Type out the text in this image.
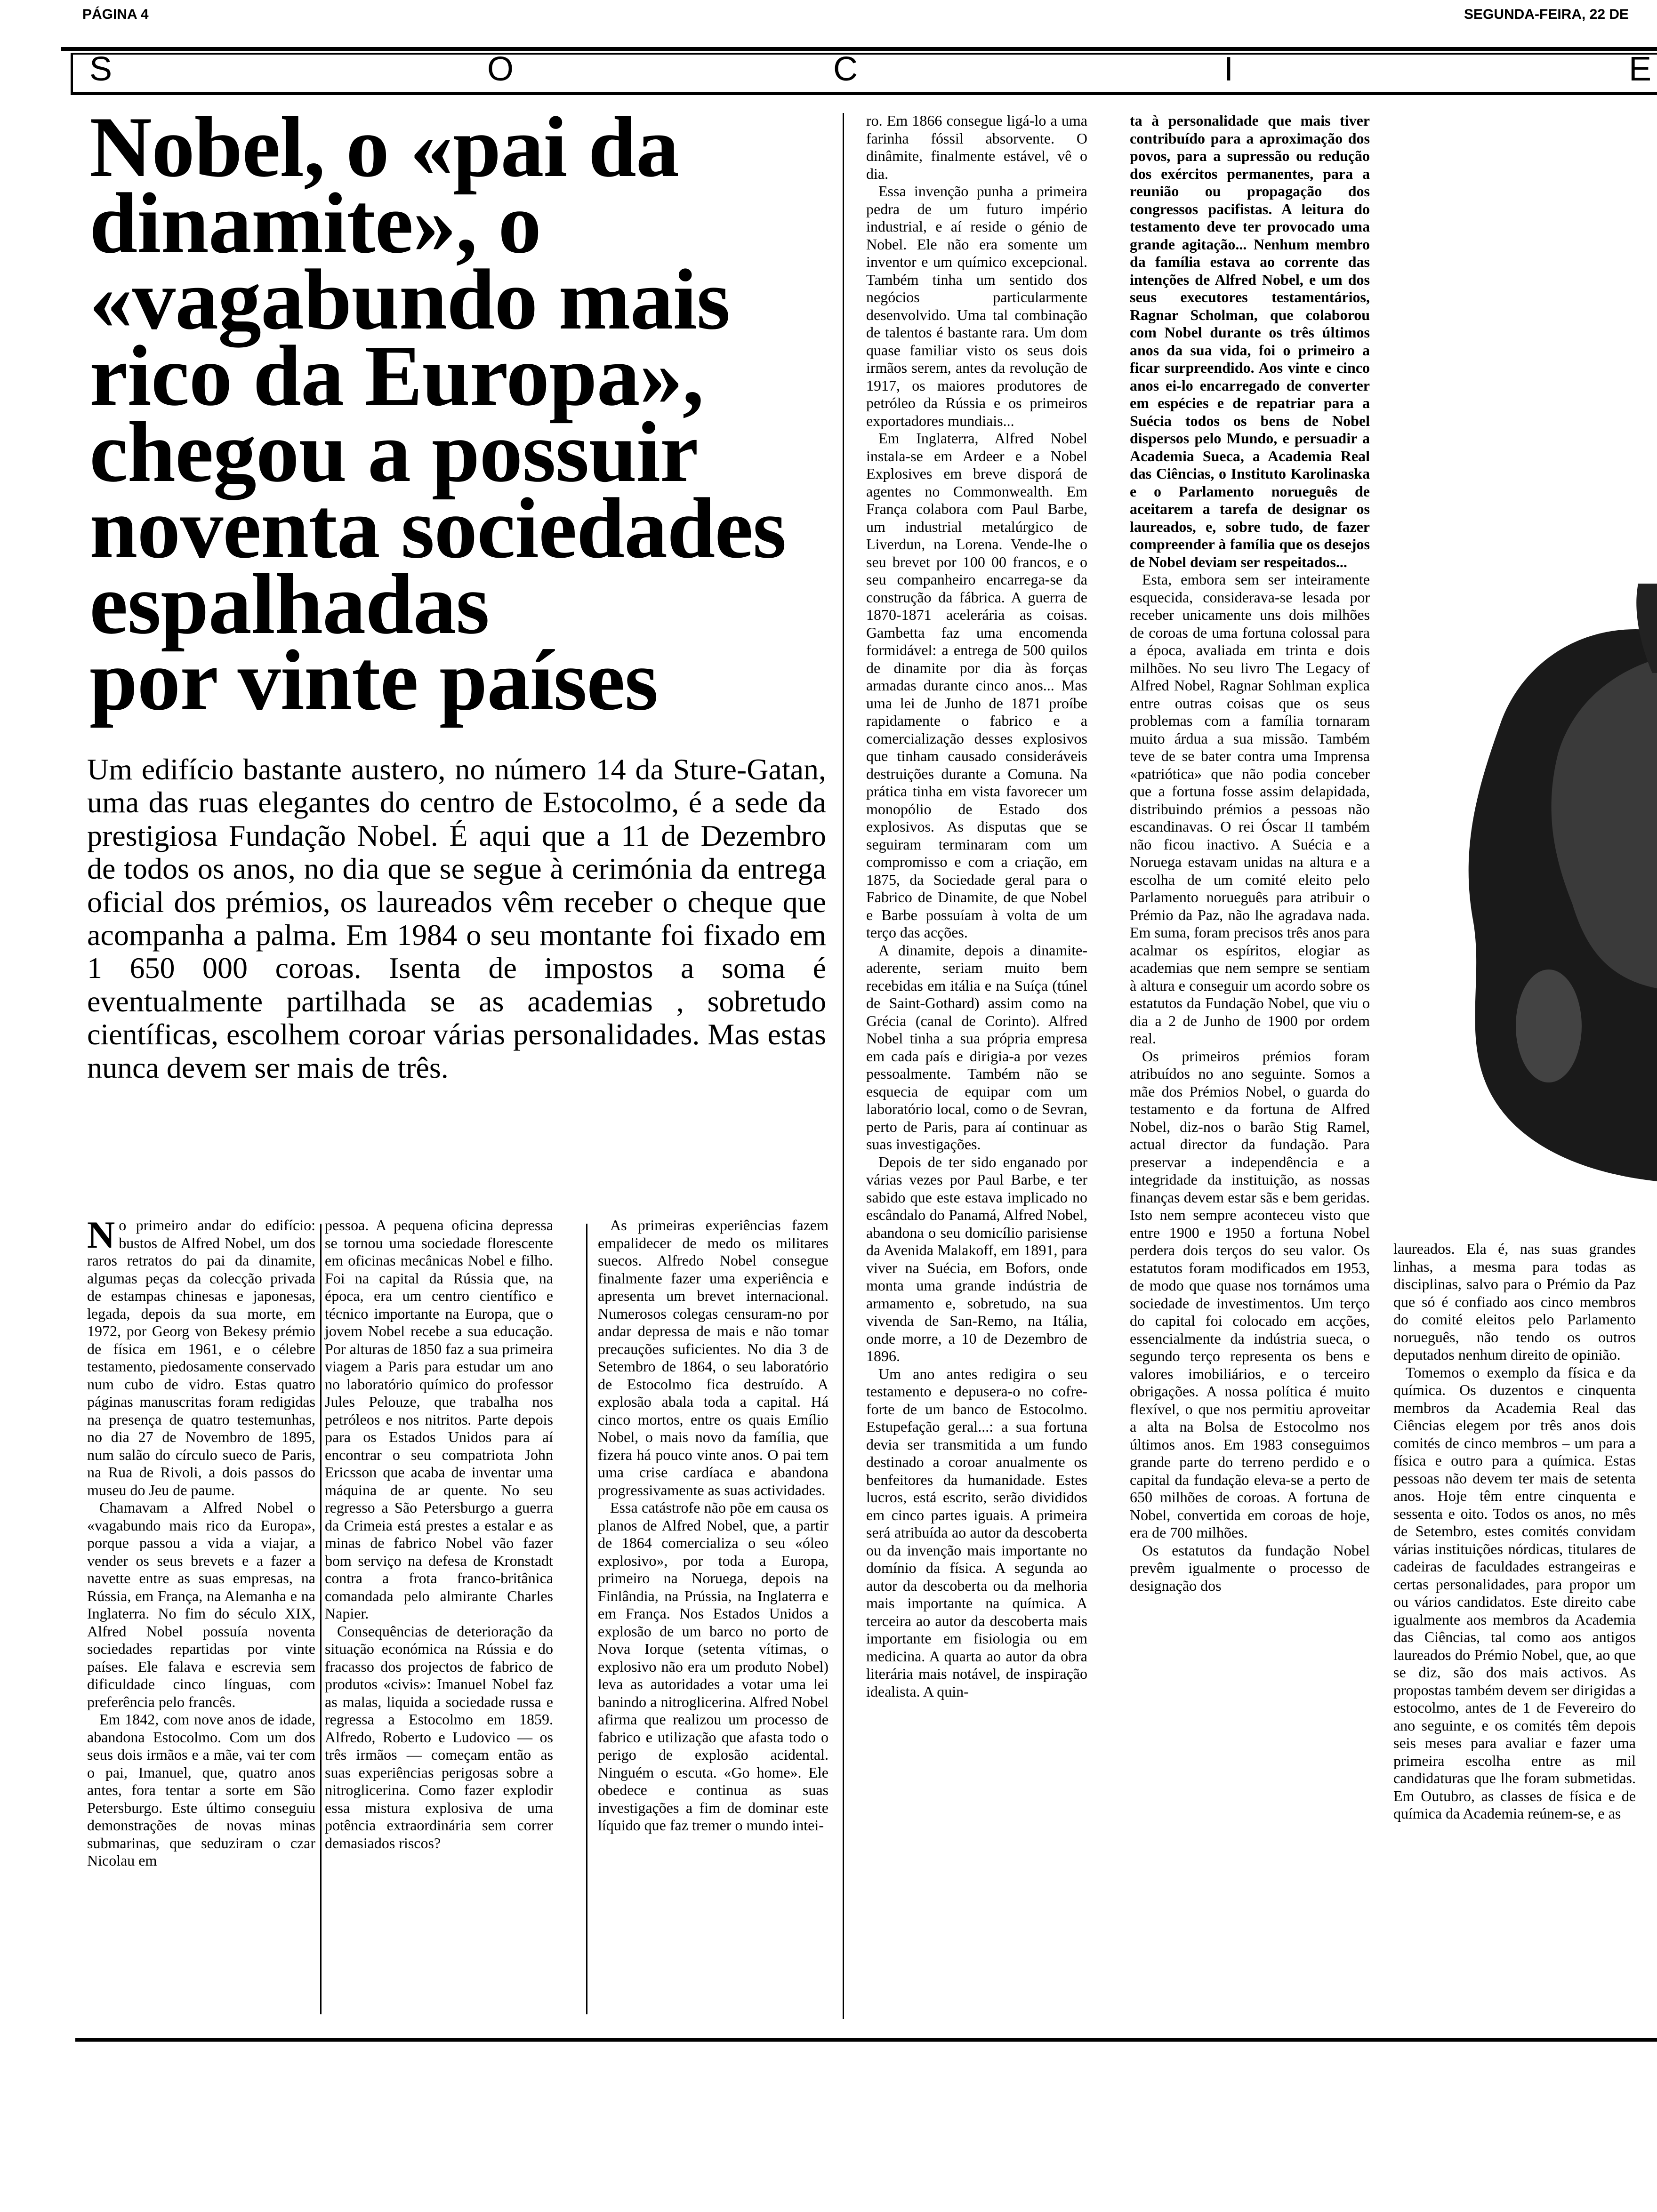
PÁGINA 4	SEGUNDA-FEIRA, 22 DE
S	O	C	I	E
Nobel, o «pai da
dinamite», o
«vagabundo mais
rico da Europa»,
chegou a possuir
noventa sociedades
espalhadas
por vinte países
Um edifício bastante austero, no número 14 da Sture-Gatan, uma das ruas elegantes do centro de Estocolmo, é a sede da prestigiosa Fundação Nobel. É aqui que a 11 de Dezembro de todos os anos, no dia que se segue à cerimónia da entrega oficial dos prémios, os laureados vêm receber o cheque que acompanha a palma. Em 1984 o seu montante foi fixado em 1 650 000 coroas. Isenta de impostos a soma é eventualmente partilhada se as academias , sobretudo científicas, escolhem coroar várias personalidades. Mas estas nunca devem ser mais de três.

No primeiro andar do edifício: bustos de Alfred Nobel, um dos raros retratos do pai da dinamite, algumas peças da colecção privada de estampas chinesas e japonesas, legada, depois da sua morte, em 1972, por Georg von Bekesy prémio de física em 1961, e o célebre testamento, piedosamente conservado num cubo de vidro. Estas quatro páginas manuscritas foram redigidas na presença de quatro testemunhas, no dia 27 de Novembro de 1895, num salão do círculo sueco de Paris, na Rua de Rivoli, a dois passos do museu do Jeu de paume.

Chamavam a Alfred Nobel o «vagabundo mais rico da Europa», porque passou a vida a viajar, a vender os seus brevets e a fazer a navette entre as suas empresas, na Rússia, em França, na Alemanha e na Inglaterra. No fim do século XIX, Alfred Nobel possuía noventa sociedades repartidas por vinte países. Ele falava e escrevia sem dificuldade cinco línguas, com preferência pelo francês.

Em 1842, com nove anos de idade, abandona Estocolmo. Com um dos seus dois irmãos e a mãe, vai ter com o pai, Imanuel, que, quatro anos antes, fora tentar a sorte em São Petersburgo. Este último conseguiu demonstrações de novas minas submarinas, que seduziram o czar Nicolau em

pessoa. A pequena oficina depressa se tornou uma sociedade florescente em oficinas mecânicas Nobel e filho. Foi na capital da Rússia que, na época, era um centro científico e técnico importante na Europa, que o jovem Nobel recebe a sua educação. Por alturas de 1850 faz a sua primeira viagem a Paris para estudar um ano no laboratório químico do professor Jules Pelouze, que trabalha nos petróleos e nos nitritos. Parte depois para os Estados Unidos para aí encontrar o seu compatriota John Ericsson que acaba de inventar uma máquina de ar quente. No seu regresso a São Petersburgo a guerra da Crimeia está prestes a estalar e as minas de fabrico Nobel vão fazer bom serviço na defesa de Kronstadt contra a frota franco-britânica comandada pelo almirante Charles Napier.

Consequências de deterioração da situação económica na Rússia e do fracasso dos projectos de fabrico de produtos «civis»: Imanuel Nobel faz as malas, liquida a sociedade russa e regressa a Estocolmo em 1859. Alfredo, Roberto e Ludovico — os três irmãos — começam então as suas experiências perigosas sobre a nitroglicerina. Como fazer explodir essa mistura explosiva de uma potência extraordinária sem correr demasiados riscos?

As primeiras experiências fazem empalidecer de medo os militares suecos. Alfredo Nobel consegue finalmente fazer uma experiência e apresenta um brevet internacional. Numerosos colegas censuram-no por andar depressa de mais e não tomar precauções suficientes. No dia 3 de Setembro de 1864, o seu laboratório de Estocolmo fica destruído. A explosão abala toda a capital. Há cinco mortos, entre os quais Emílio Nobel, o mais novo da família, que fizera há pouco vinte anos. O pai tem uma crise cardíaca e abandona progressivamente as suas actividades.

Essa catástrofe não põe em causa os planos de Alfred Nobel, que, a partir de 1864 comercializa o seu «óleo explosivo», por toda a Europa, primeiro na Noruega, depois na Finlândia, na Prússia, na Inglaterra e em França. Nos Estados Unidos a explosão de um barco no porto de Nova Iorque (setenta vítimas, o explosivo não era um produto Nobel) leva as autoridades a votar uma lei banindo a nitroglicerina. Alfred Nobel afirma que realizou um processo de fabrico e utilização que afasta todo o perigo de explosão acidental. Ninguém o escuta. «Go home». Ele obedece e continua as suas investigações a fim de dominar este líquido que faz tremer o mundo intei-

ro. Em 1866 consegue ligá-lo a uma farinha fóssil absorvente. O dinâmite, finalmente estável, vê o dia.

Essa invenção punha a primeira pedra de um futuro império industrial, e aí reside o génio de Nobel. Ele não era somente um inventor e um químico excepcional. Também tinha um sentido dos negócios particularmente desenvolvido. Uma tal combinação de talentos é bastante rara. Um dom quase familiar visto os seus dois irmãos serem, antes da revolução de 1917, os maiores produtores de petróleo da Rússia e os primeiros exportadores mundiais...

Em Inglaterra, Alfred Nobel instala-se em Ardeer e a Nobel Explosives em breve disporá de agentes no Commonwealth. Em França colabora com Paul Barbe, um industrial metalúrgico de Liverdun, na Lorena. Vende-lhe o seu brevet por 100 00 francos, e o seu companheiro encarrega-se da construção da fábrica. A guerra de 1870-1871 acelerária as coisas. Gambetta faz uma encomenda formidável: a entrega de 500 quilos de dinamite por dia às forças armadas durante cinco anos... Mas uma lei de Junho de 1871 proíbe rapidamente o fabrico e a comercialização desses explosivos que tinham causado consideráveis destruições durante a Comuna. Na prática tinha em vista favorecer um monopólio de Estado dos explosivos. As disputas que se seguiram terminaram com um compromisso e com a criação, em 1875, da Sociedade geral para o Fabrico de Dinamite, de que Nobel e Barbe possuíam à volta de um terço das acções.

A dinamite, depois a dinamite-aderente, seriam muito bem recebidas em itália e na Suíça (túnel de Saint-Gothard) assim como na Grécia (canal de Corinto). Alfred Nobel tinha a sua própria empresa em cada país e dirigia-a por vezes pessoalmente. Também não se esquecia de equipar com um laboratório local, como o de Sevran, perto de Paris, para aí continuar as suas investigações.

Depois de ter sido enganado por várias vezes por Paul Barbe, e ter sabido que este estava implicado no escândalo do Panamá, Alfred Nobel, abandona o seu domicílio parisiense da Avenida Malakoff, em 1891, para viver na Suécia, em Bofors, onde monta uma grande indústria de armamento e, sobretudo, na sua vivenda de San-Remo, na Itália, onde morre, a 10 de Dezembro de 1896.

Um ano antes redigira o seu testamento e depusera-o no cofre-forte de um banco de Estocolmo. Estupefação geral...: a sua fortuna devia ser transmitida a um fundo destinado a coroar anualmente os benfeitores da humanidade. Estes lucros, está escrito, serão divididos em cinco partes iguais. A primeira será atribuída ao autor da descoberta ou da invenção mais importante no domínio da física. A segunda ao autor da descoberta ou da melhoria mais importante na química. A terceira ao autor da descoberta mais importante em fisiologia ou em medicina. A quarta ao autor da obra literária mais notável, de inspiração idealista. A quin-

ta à personalidade que mais tiver contribuído para a aproximação dos povos, para a supressão ou redução dos exércitos permanentes, para a reunião ou propagação dos congressos pacifistas. A leitura do testamento deve ter provocado uma grande agitação... Nenhum membro da família estava ao corrente das intenções de Alfred Nobel, e um dos seus executores testamentários, Ragnar Scholman, que colaborou com Nobel durante os três últimos anos da sua vida, foi o primeiro a ficar surpreendido. Aos vinte e cinco anos ei-lo encarregado de converter em espécies e de repatriar para a Suécia todos os bens de Nobel dispersos pelo Mundo, e persuadir a Academia Sueca, a Academia Real das Ciências, o Instituto Karolinaska e o Parlamento norueguês de aceitarem a tarefa de designar os laureados, e, sobre tudo, de fazer compreender à família que os desejos de Nobel deviam ser respeitados...

Esta, embora sem ser inteiramente esquecida, considerava-se lesada por receber unicamente uns dois milhões de coroas de uma fortuna colossal para a época, avaliada em trinta e dois milhões. No seu livro The Legacy of Alfred Nobel, Ragnar Sohlman explica entre outras coisas que os seus problemas com a família tornaram muito árdua a sua missão. Também teve de se bater contra uma Imprensa «patriótica» que não podia conceber que a fortuna fosse assim delapidada, distribuindo prémios a pessoas não escandinavas. O rei Óscar II também não ficou inactivo. A Suécia e a Noruega estavam unidas na altura e a escolha de um comité eleito pelo Parlamento norueguês para atribuir o Prémio da Paz, não lhe agradava nada. Em suma, foram precisos três anos para acalmar os espíritos, elogiar as academias que nem sempre se sentiam à altura e conseguir um acordo sobre os estatutos da Fundação Nobel, que viu o dia a 2 de Junho de 1900 por ordem real.

Os primeiros prémios foram atribuídos no ano seguinte. Somos a mãe dos Prémios Nobel, o guarda do testamento e da fortuna de Alfred Nobel, diz-nos o barão Stig Ramel, actual director da fundação. Para preservar a independência e a integridade da instituição, as nossas finanças devem estar sãs e bem geridas. Isto nem sempre aconteceu visto que entre 1900 e 1950 a fortuna Nobel perdera dois terços do seu valor. Os estatutos foram modificados em 1953, de modo que quase nos tornámos uma sociedade de investimentos. Um terço do capital foi colocado em acções, essencialmente da indústria sueca, o segundo terço representa os bens e valores imobiliários, e o terceiro obrigações. A nossa política é muito flexível, o que nos permitiu aproveitar a alta na Bolsa de Estocolmo nos últimos anos. Em 1983 conseguimos grande parte do terreno perdido e o capital da fundação eleva-se a perto de 650 milhões de coroas. A fortuna de Nobel, convertida em coroas de hoje, era de 700 milhões.

Os estatutos da fundação Nobel prevêm igualmente o processo de designação dos

laureados. Ela é, nas suas grandes linhas, a mesma para todas as disciplinas, salvo para o Prémio da Paz que só é confiado aos cinco membros do comité eleitos pelo Parlamento norueguês, não tendo os outros deputados nenhum direito de opinião.

Tomemos o exemplo da física e da química. Os duzentos e cinquenta membros da Academia Real das Ciências elegem por três anos dois comités de cinco membros – um para a física e outro para a química. Estas pessoas não devem ter mais de setenta anos. Hoje têm entre cinquenta e sessenta e oito. Todos os anos, no mês de Setembro, estes comités convidam várias instituições nórdicas, titulares de cadeiras de faculdades estrangeiras e certas personalidades, para propor um ou vários candidatos. Este direito cabe igualmente aos membros da Academia das Ciências, tal como aos antigos laureados do Prémio Nobel, que, ao que se diz, são dos mais activos. As propostas também devem ser dirigidas a estocolmo, antes de 1 de Fevereiro do ano seguinte, e os comités têm depois seis meses para avaliar e fazer uma primeira escolha entre as mil candidaturas que lhe foram submetidas. Em Outubro, as classes de física e de química da Academia reúnem-se, e as
